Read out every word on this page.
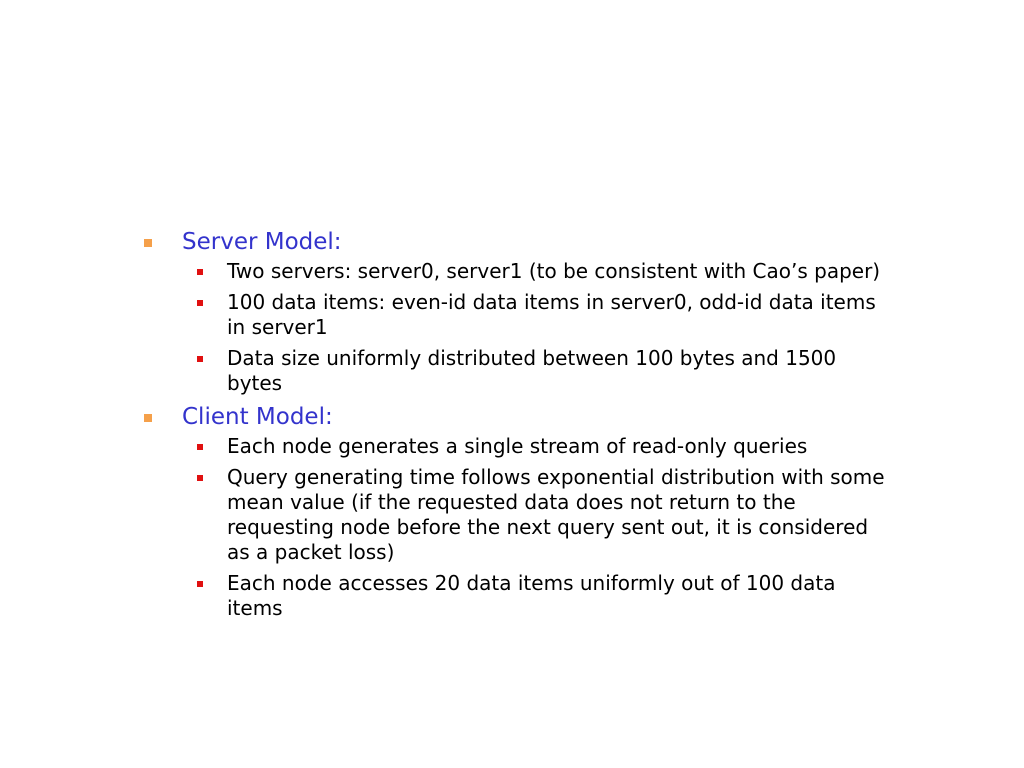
Server Model:

Two servers: server0, server1 (to be consistent with Cao’s paper)

100 data items: even-id data items in server0, odd-id data items in server1

Data size uniformly distributed between 100 bytes and 1500 bytes

Client Model:

Each node generates a single stream of read-only queries

Query generating time follows exponential distribution with some mean value (if the requested data does not return to the requesting node before the next query sent out, it is considered as a packet loss)

Each node accesses 20 data items uniformly out of 100 data items
